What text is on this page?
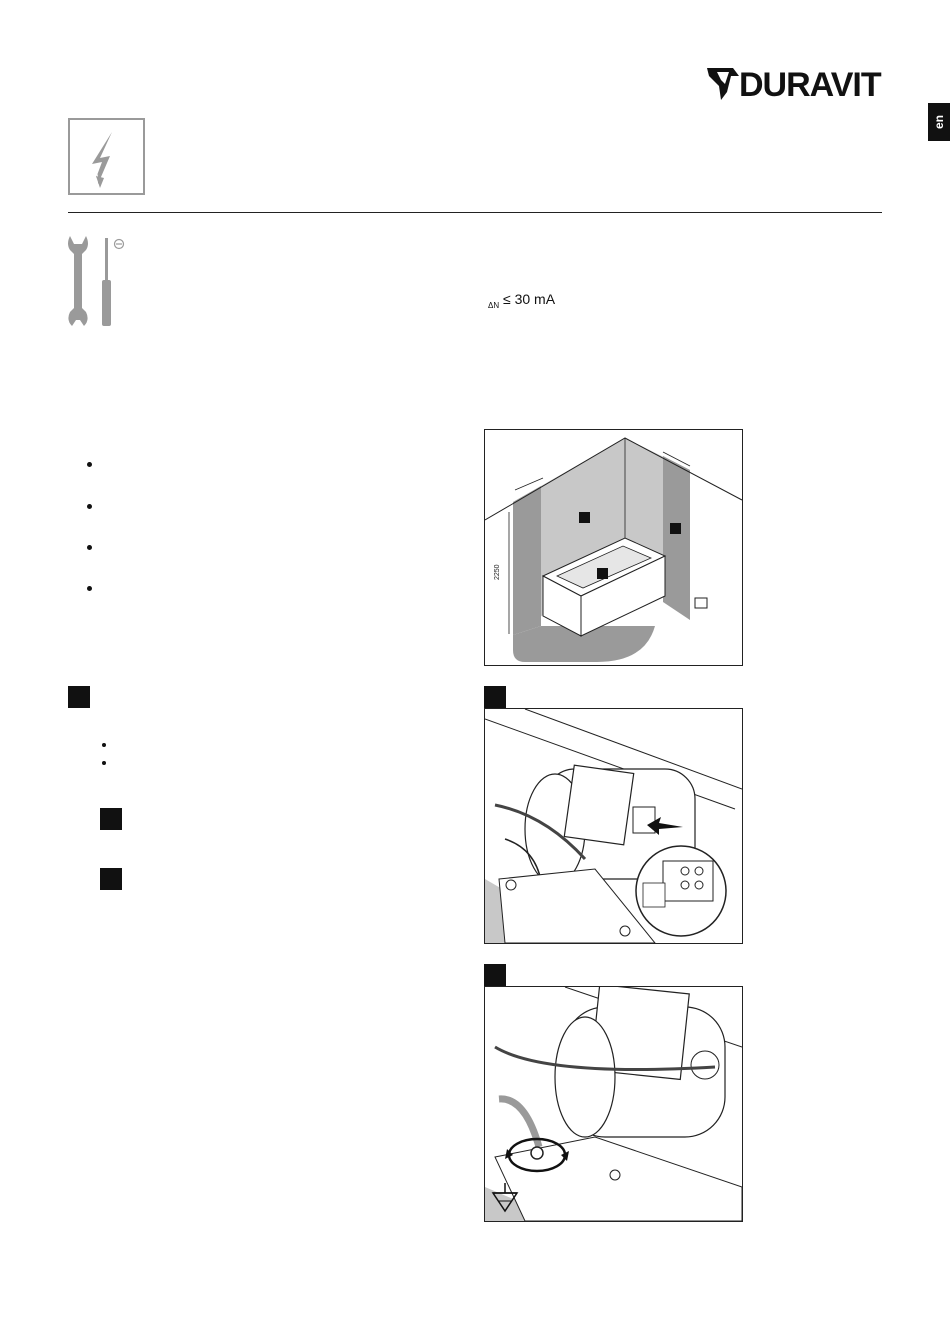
DURAVIT
en
$_{\Delta N}$ ≤ 30 mA
2250
